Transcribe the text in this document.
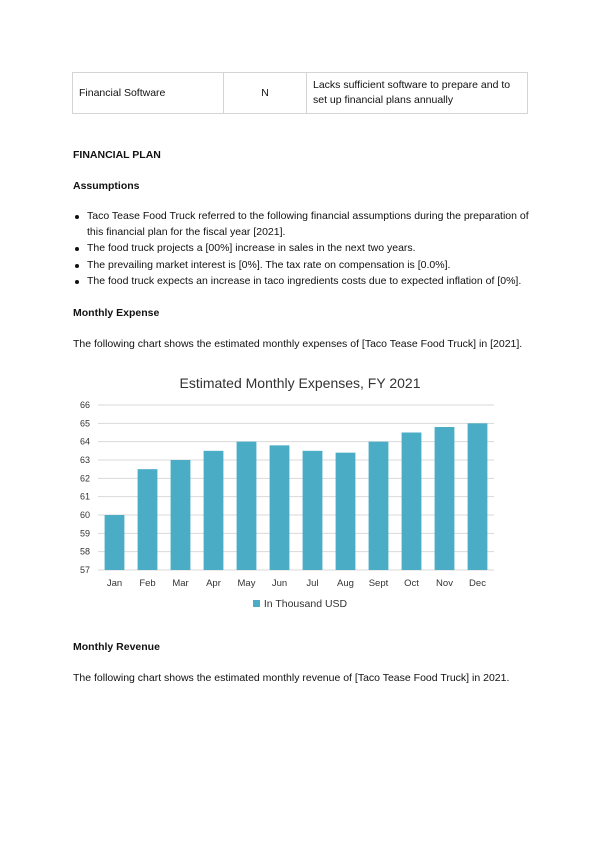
Financial Software	N	Lacks sufficient software to prepare and to set up financial plans annually
FINANCIAL PLAN
Assumptions
Taco Tease Food Truck referred to the following financial assumptions during the preparation of this financial plan for the fiscal year [2021].
The food truck projects a [00%] increase in sales in the next two years.
The prevailing market interest is [0%]. The tax rate on compensation is [0.0%].
The food truck expects an increase in taco ingredients costs due to expected inflation of [0%].
Monthly Expense
The following chart shows the estimated monthly expenses of [Taco Tease Food Truck] in [2021].
Estimated Monthly Expenses, FY 2021
57
58
59
60
61
62
63
64
65
66
Jan Feb Mar Apr May Jun Jul Aug Sept Oct Nov Dec
In Thousand USD
Monthly Revenue
The following chart shows the estimated monthly revenue of [Taco Tease Food Truck] in 2021.
